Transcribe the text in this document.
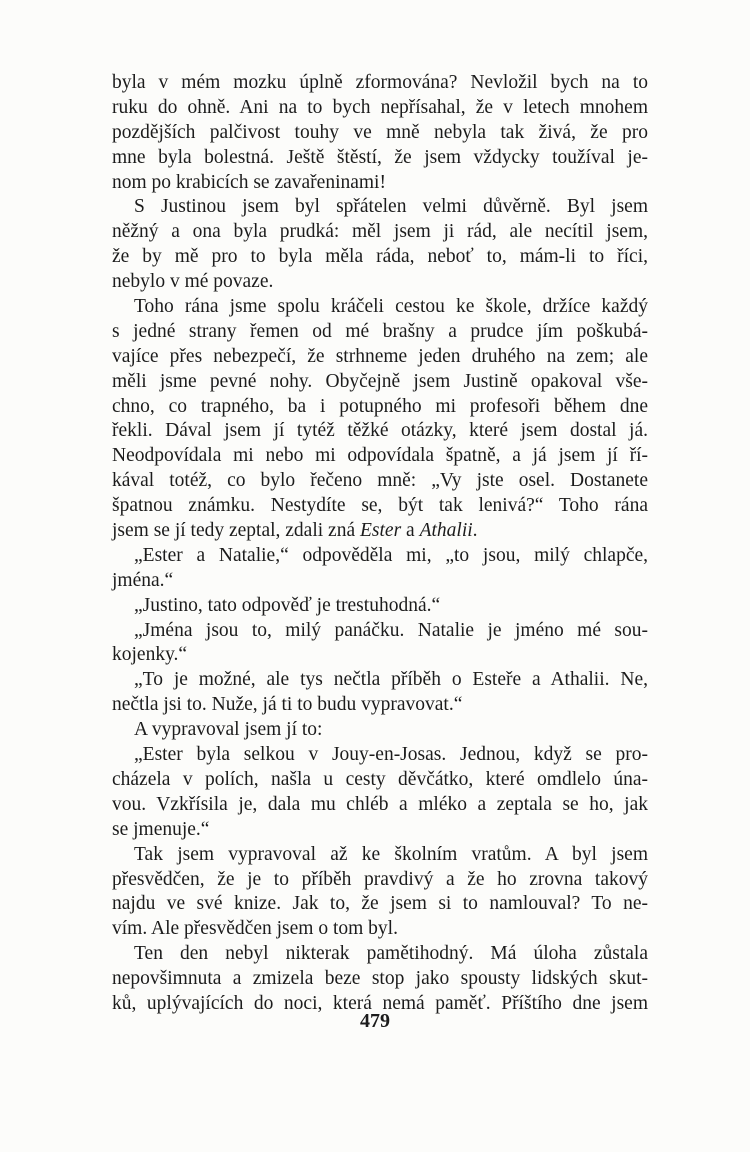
byla v mém mozku úplně zformována? Nevložil bych na to
ruku do ohně. Ani na to bych nepřísahal, že v letech mnohem
pozdějších palčivost touhy ve mně nebyla tak živá, že pro
mne byla bolestná. Ještě štěstí, že jsem vždycky toužíval je-
nom po krabicích se zavařeninami!
S Justinou jsem byl spřátelen velmi důvěrně. Byl jsem
něžný a ona byla prudká: měl jsem ji rád, ale necítil jsem,
že by mě pro to byla měla ráda, neboť to, mám-li to říci,
nebylo v mé povaze.
Toho rána jsme spolu kráčeli cestou ke škole, držíce každý
s jedné strany řemen od mé brašny a prudce jím poškubá-
vajíce přes nebezpečí, že strhneme jeden druhého na zem; ale
měli jsme pevné nohy. Obyčejně jsem Justině opakoval vše-
chno, co trapného, ba i potupného mi profesoři během dne
řekli. Dával jsem jí tytéž těžké otázky, které jsem dostal já.
Neodpovídala mi nebo mi odpovídala špatně, a já jsem jí ří-
kával totéž, co bylo řečeno mně: „Vy jste osel. Dostanete
špatnou známku. Nestydíte se, být tak lenivá?“ Toho rána
jsem se jí tedy zeptal, zdali zná Ester a Athalii.
„Ester a Natalie,“ odpověděla mi, „to jsou, milý chlapče,
jména.“
„Justino, tato odpověď je trestuhodná.“
„Jména jsou to, milý panáčku. Natalie je jméno mé sou-
kojenky.“
„To je možné, ale tys nečtla příběh o Esteře a Athalii. Ne,
nečtla jsi to. Nuže, já ti to budu vypravovat.“
A vypravoval jsem jí to:
„Ester byla selkou v Jouy-en-Josas. Jednou, když se pro-
cházela v polích, našla u cesty děvčátko, které omdlelo úna-
vou. Vzkřísila je, dala mu chléb a mléko a zeptala se ho, jak
se jmenuje.“
Tak jsem vypravoval až ke školním vratům. A byl jsem
přesvědčen, že je to příběh pravdivý a že ho zrovna takový
najdu ve své knize. Jak to, že jsem si to namlouval? To ne-
vím. Ale přesvědčen jsem o tom byl.
Ten den nebyl nikterak pamětihodný. Má úloha zůstala
nepovšimnuta a zmizela beze stop jako spousty lidských skut-
ků, uplývajících do noci, která nemá paměť. Příštího dne jsem
479
